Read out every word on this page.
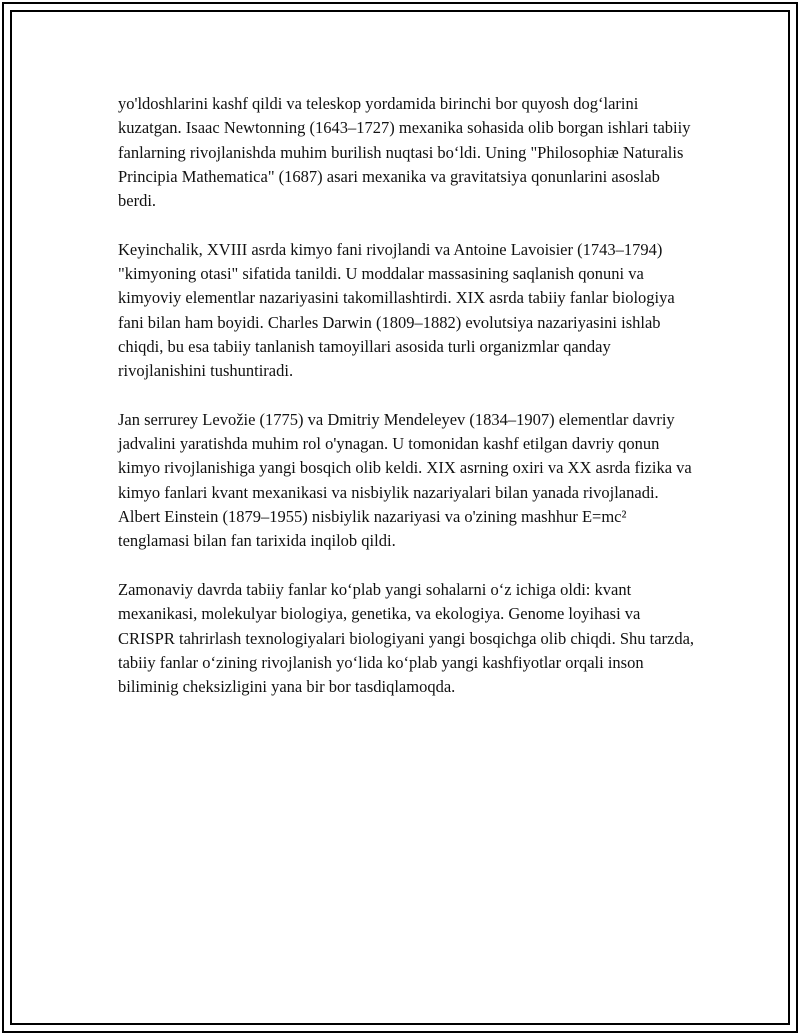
yo'ldoshlarini kashf qildi va teleskop yordamida birinchi bor quyosh dog‘larini kuzatgan. Isaac Newtonning (1643–1727) mexanika sohasida olib borgan ishlari tabiiy fanlarning rivojlanishda muhim burilish nuqtasi bo‘ldi. Uning "Philosophiæ Naturalis Principia Mathematica" (1687) asari mexanika va gravitatsiya qonunlarini asoslab berdi.

Keyinchalik, XVIII asrda kimyo fani rivojlandi va Antoine Lavoisier (1743–1794) "kimyoning otasi" sifatida tanildi. U moddalar massasining saqlanish qonuni va kimyoviy elementlar nazariyasini takomillashtirdi. XIX asrda tabiiy fanlar biologiya fani bilan ham boyidi. Charles Darwin (1809–1882) evolutsiya nazariyasini ishlab chiqdi, bu esa tabiiy tanlanish tamoyillari asosida turli organizmlar qanday rivojlanishini tushuntiradi.

Jan serrurey Levožie (1775) va Dmitriy Mendeleyev (1834–1907) elementlar davriy jadvalini yaratishda muhim rol o'ynagan. U tomonidan kashf etilgan davriy qonun kimyo rivojlanishiga yangi bosqich olib keldi. XIX asrning oxiri va XX asrda fizika va kimyo fanlari kvant mexanikasi va nisbiylik nazariyalari bilan yanada rivojlanadi. Albert Einstein (1879–1955) nisbiylik nazariyasi va o'zining mashhur E=mc² tenglamasi bilan fan tarixida inqilob qildi.

Zamonaviy davrda tabiiy fanlar ko‘plab yangi sohalarni o‘z ichiga oldi: kvant mexanikasi, molekulyar biologiya, genetika, va ekologiya. Genome loyihasi va CRISPR tahrirlash texnologiyalari biologiyani yangi bosqichga olib chiqdi. Shu tarzda, tabiiy fanlar o‘zining rivojlanish yo‘lida ko‘plab yangi kashfiyotlar orqali inson biliminig cheksizligini yana bir bor tasdiqlamoqda.
